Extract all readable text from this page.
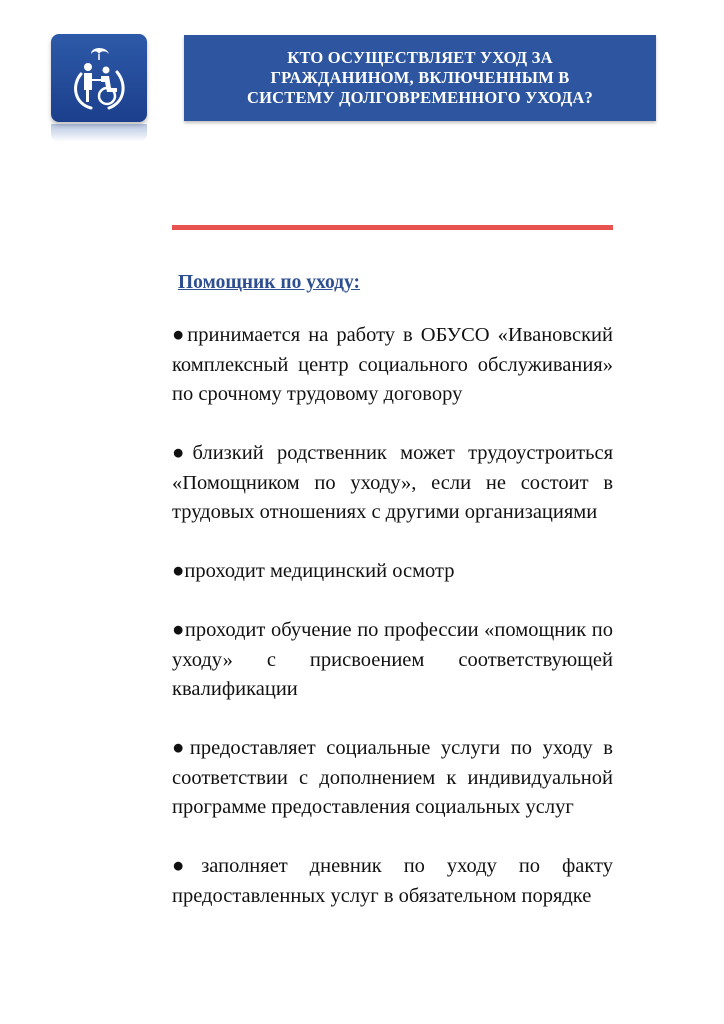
КТО ОСУЩЕСТВЛЯЕТ УХОД ЗА
ГРАЖДАНИНОМ, ВКЛЮЧЕННЫМ В
СИСТЕМУ ДОЛГОВРЕМЕННОГО УХОДА?
Помощник по уходу:

●принимается на работу в ОБУСО «Ивановский комплексный центр социального обслуживания» по срочному трудовому договору

●близкий родственник может трудоустроиться «Помощником по уходу», если не состоит в трудовых отношениях с другими организациями

●проходит медицинский осмотр

●проходит обучение по профессии «помощник по уходу» с присвоением соответствующей квалификации

●предоставляет социальные услуги по уходу в соответствии с дополнением к индивидуальной программе предоставления социальных услуг

●заполняет дневник по уходу по факту предоставленных услуг в обязательном порядке
